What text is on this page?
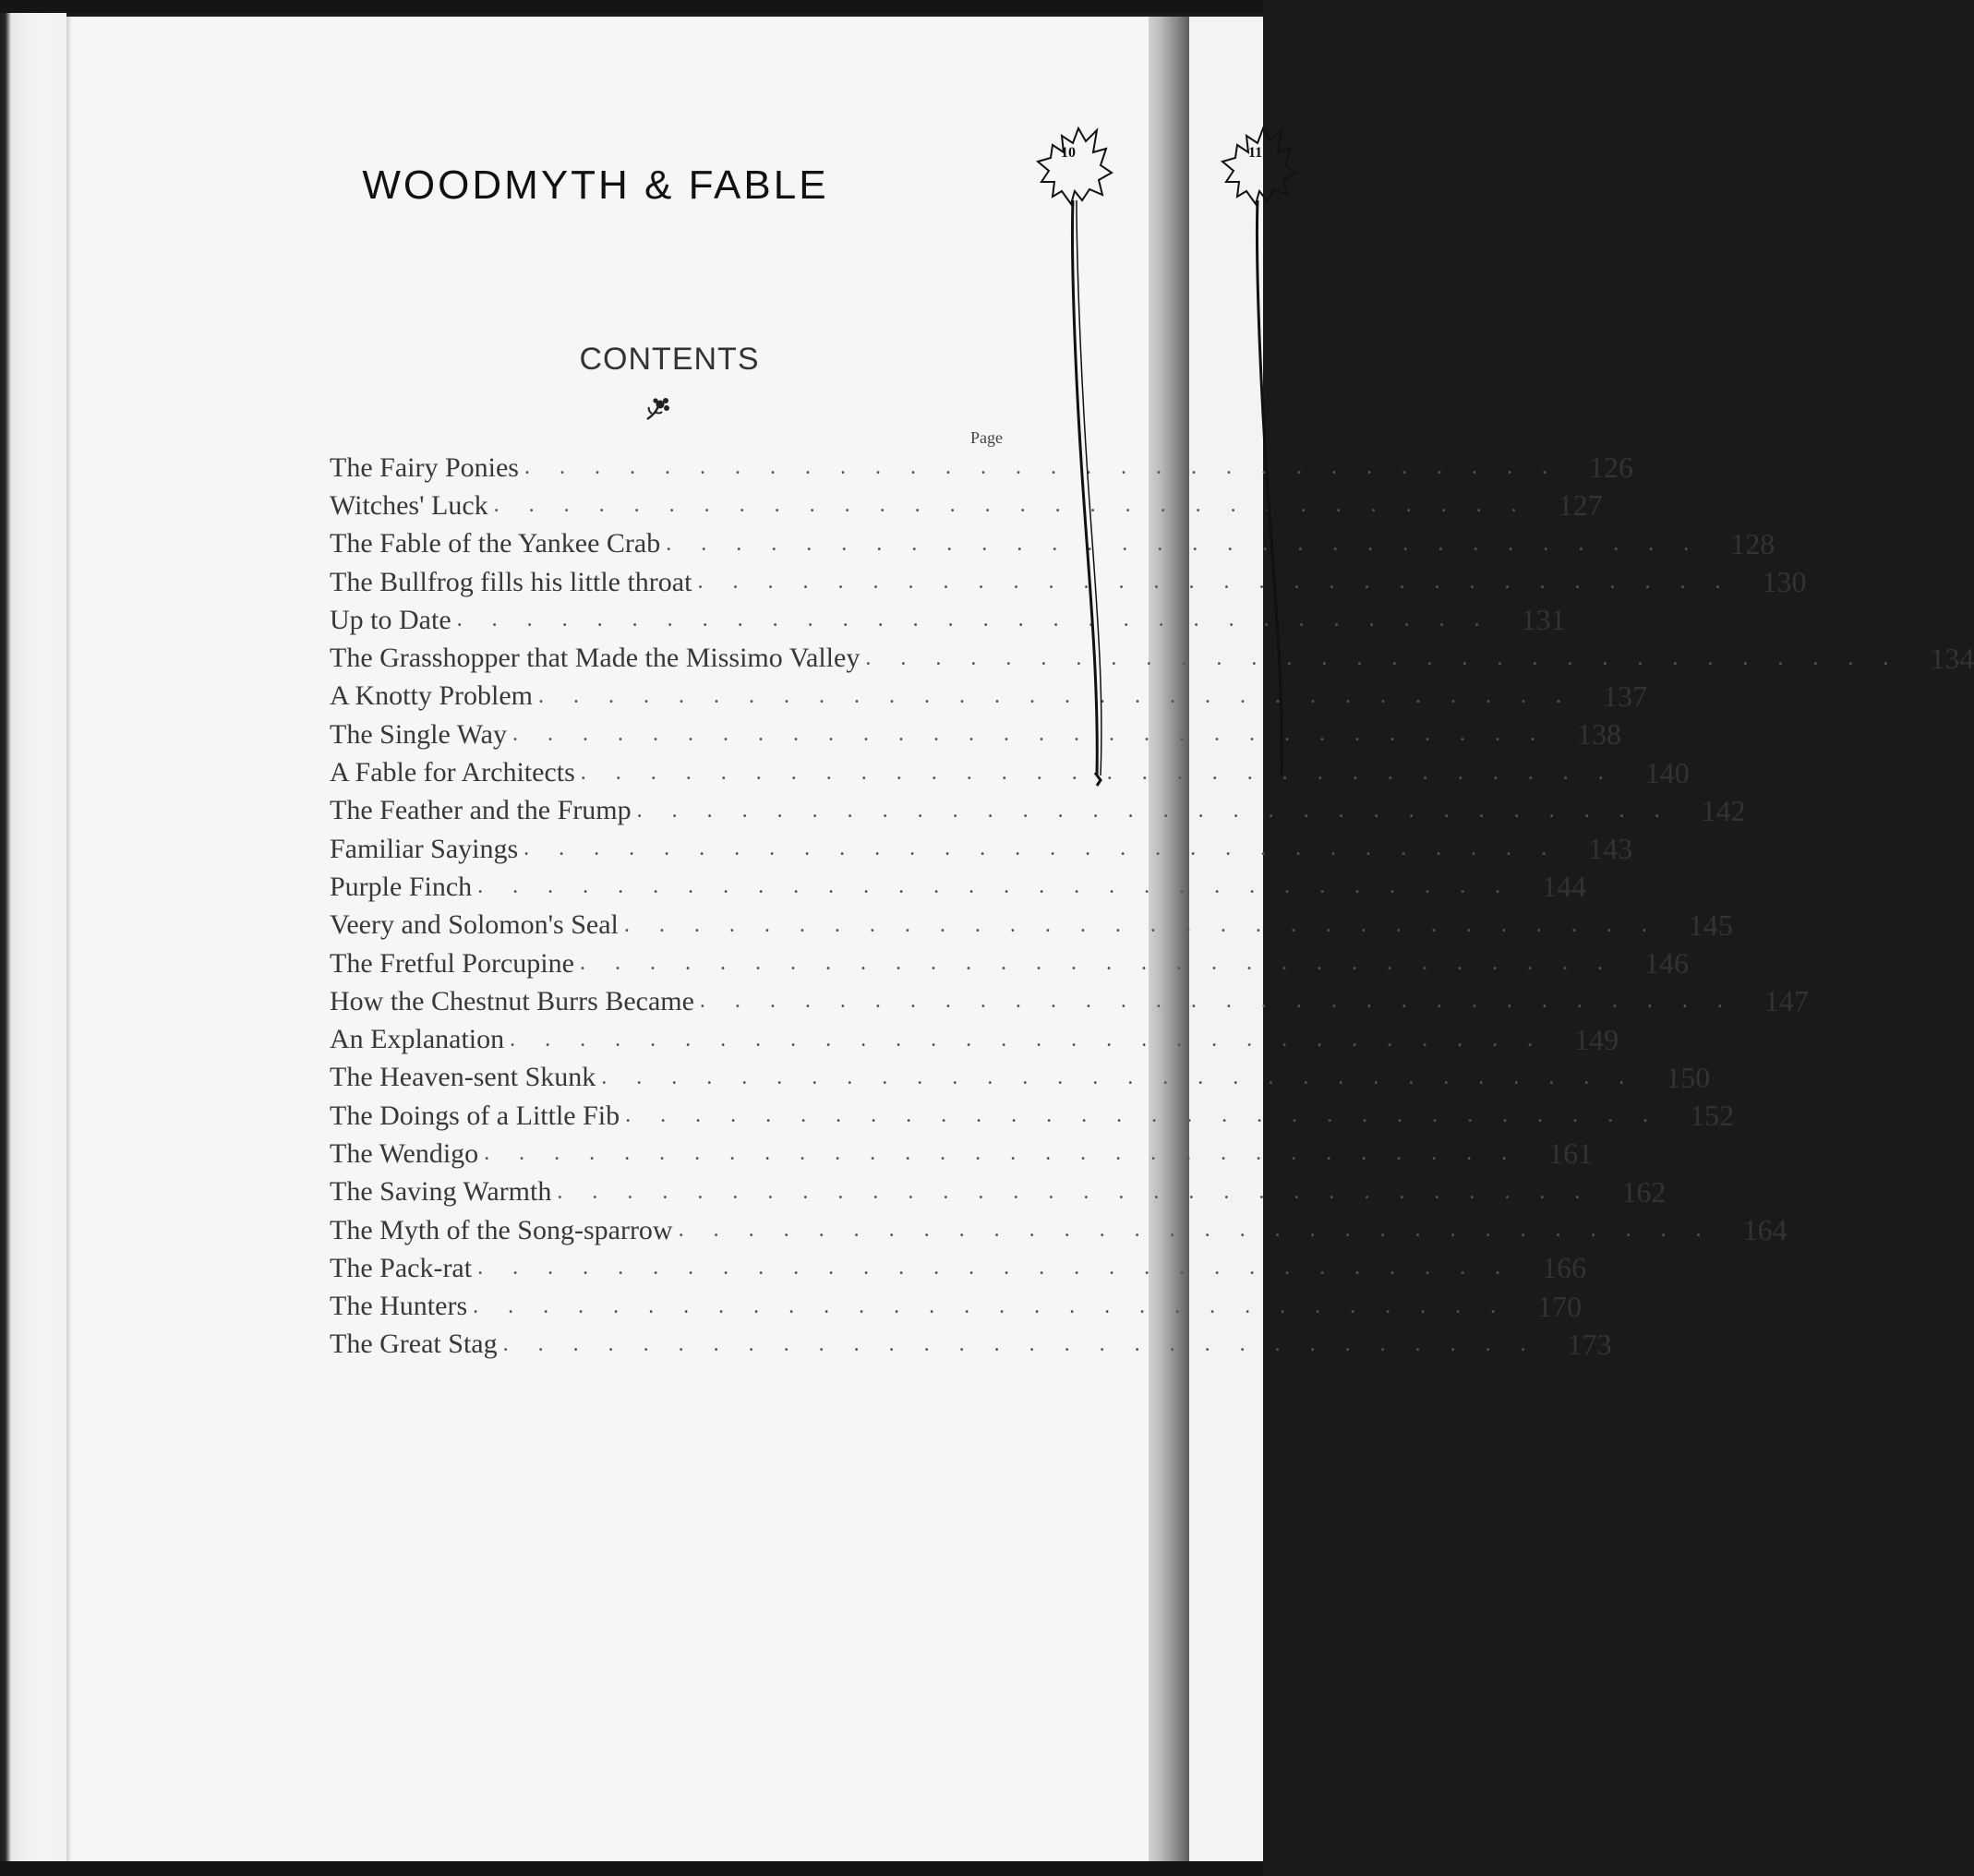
WOODMYTH & FABLE
CONTENTS
Page
The Fairy Ponies . . . . . . . . . . . . . . . . . . . . . . . . . . . . . .	126
Witches' Luck . . . . . . . . . . . . . . . . . . . . . . . . . . . . . .	127
The Fable of the Yankee Crab . . . . . . . . . . . . . . . . . . . . . . . . . . . . . .	128
The Bullfrog fills his little throat . . . . . . . . . . . . . . . . . . . . . . . . . . . . . .	130
Up to Date . . . . . . . . . . . . . . . . . . . . . . . . . . . . . .	131
The Grasshopper that Made the Missimo Valley . . . . . . . . . . . . . . . . . . . . . . . . . . . . . .	134
A Knotty Problem . . . . . . . . . . . . . . . . . . . . . . . . . . . . . .	137
The Single Way . . . . . . . . . . . . . . . . . . . . . . . . . . . . . .	138
A Fable for Architects . . . . . . . . . . . . . . . . . . . . . . . . . . . . . .	140
The Feather and the Frump . . . . . . . . . . . . . . . . . . . . . . . . . . . . . .	142
Familiar Sayings . . . . . . . . . . . . . . . . . . . . . . . . . . . . . .	143
Purple Finch . . . . . . . . . . . . . . . . . . . . . . . . . . . . . .	144
Veery and Solomon's Seal . . . . . . . . . . . . . . . . . . . . . . . . . . . . . .	145
The Fretful Porcupine . . . . . . . . . . . . . . . . . . . . . . . . . . . . . .	146
How the Chestnut Burrs Became . . . . . . . . . . . . . . . . . . . . . . . . . . . . . .	147
An Explanation . . . . . . . . . . . . . . . . . . . . . . . . . . . . . .	149
The Heaven-sent Skunk . . . . . . . . . . . . . . . . . . . . . . . . . . . . . .	150
The Doings of a Little Fib . . . . . . . . . . . . . . . . . . . . . . . . . . . . . .	152
The Wendigo . . . . . . . . . . . . . . . . . . . . . . . . . . . . . .	161
The Saving Warmth . . . . . . . . . . . . . . . . . . . . . . . . . . . . . .	162
The Myth of the Song-sparrow . . . . . . . . . . . . . . . . . . . . . . . . . . . . . .	164
The Pack-rat . . . . . . . . . . . . . . . . . . . . . . . . . . . . . .	166
The Hunters . . . . . . . . . . . . . . . . . . . . . . . . . . . . . .	170
The Great Stag . . . . . . . . . . . . . . . . . . . . . . . . . . . . . .	173
10	11
